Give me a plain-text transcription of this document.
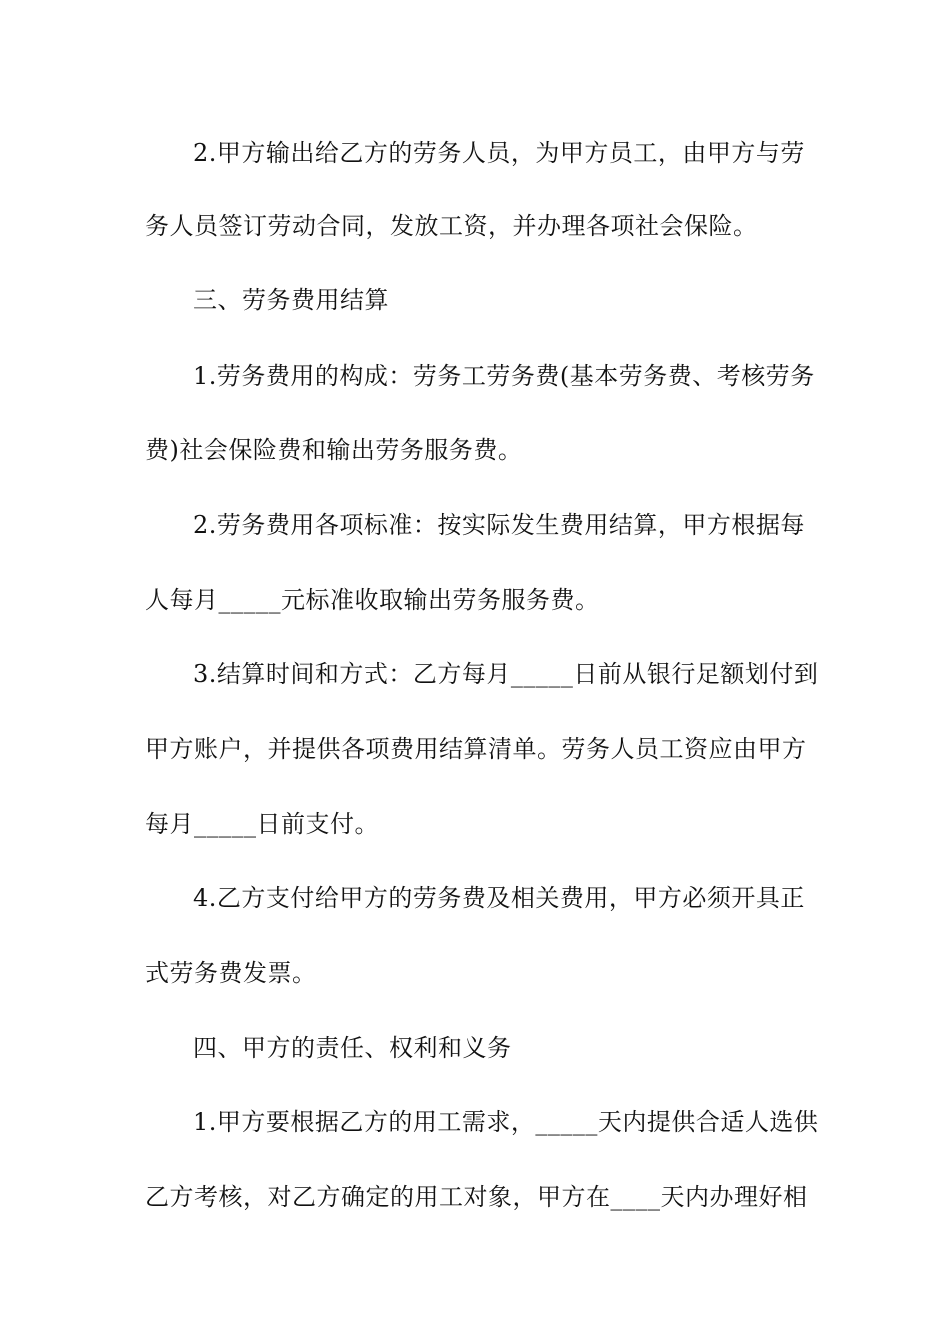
2.甲方输出给乙方的劳务人员，为甲方员工，由甲方与劳
务人员签订劳动合同，发放工资，并办理各项社会保险。
三、劳务费用结算
1.劳务费用的构成：劳务工劳务费(基本劳务费、考核劳务
费)社会保险费和输出劳务服务费。
2.劳务费用各项标准：按实际发生费用结算，甲方根据每
人每月_____元标准收取输出劳务服务费。
3.结算时间和方式：乙方每月_____日前从银行足额划付到
甲方账户，并提供各项费用结算清单。劳务人员工资应由甲方
每月_____日前支付。
4.乙方支付给甲方的劳务费及相关费用，甲方必须开具正
式劳务费发票。
四、甲方的责任、权利和义务
1.甲方要根据乙方的用工需求，_____天内提供合适人选供
乙方考核，对乙方确定的用工对象，甲方在____天内办理好相
